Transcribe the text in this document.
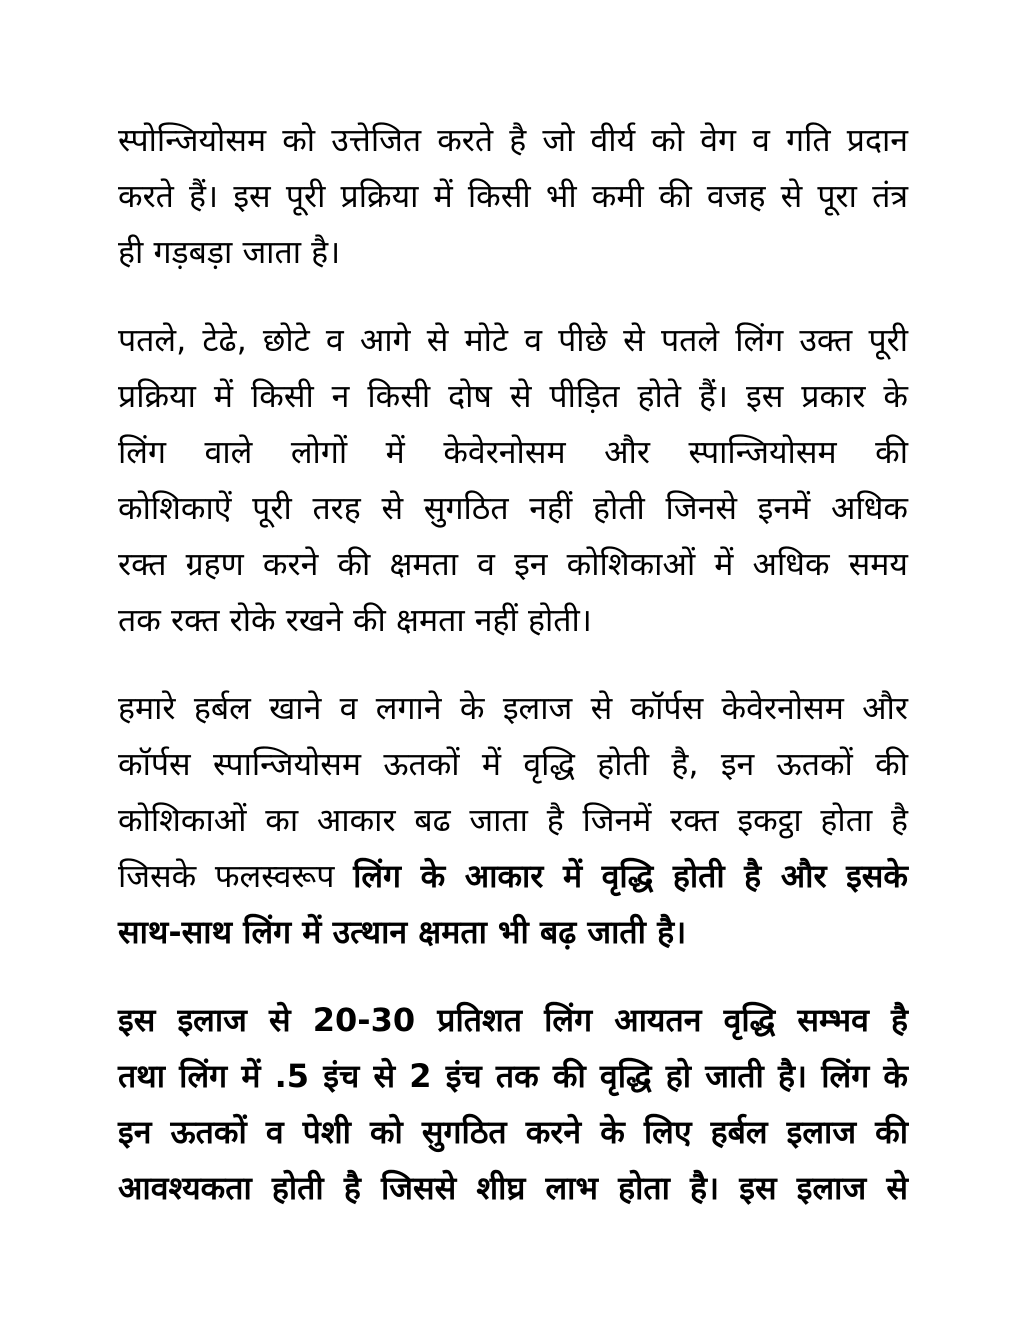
स्पोन्जियोसम को उत्तेजित करते है जो वीर्य को वेग व गति प्रदान

करते हैं। इस पूरी प्रक्रिया में किसी भी कमी की वजह से पूरा तंत्र

ही गड़बड़ा जाता है।

पतले, टेढे, छोटे व आगे से मोटे व पीछे से पतले लिंग उक्त पूरी

प्रक्रिया में किसी न किसी दोष से पीड़ित होते हैं। इस प्रकार के

लिंग वाले लोगों में केवेरनोसम और स्पान्जियोसम की

कोशिकाऐं पूरी तरह से सुगठित नहीं होती जिनसे इनमें अधिक

रक्त ग्रहण करने की क्षमता व इन कोशिकाओं में अधिक समय

तक रक्त रोके रखने की क्षमता नहीं होती।

हमारे हर्बल खाने व लगाने के इलाज से कॉर्पस केवेरनोसम और

कॉर्पस स्पान्जियोसम ऊतकों में वृद्धि होती है, इन ऊतकों की

कोशिकाओं का आकार बढ जाता है जिनमें रक्त इकट्ठा होता है

जिसके फलस्वरूप लिंग के आकार में वृद्धि होती है और इसके

साथ-साथ लिंग में उत्थान क्षमता भी बढ़ जाती है।

इस इलाज से 20-30 प्रतिशत लिंग आयतन वृद्धि सम्भव है

तथा लिंग में .5 इंच से 2 इंच तक की वृद्धि हो जाती है। लिंग के

इन ऊतकों व पेशी को सुगठित करने के लिए हर्बल इलाज की

आवश्यकता होती है जिससे शीघ्र लाभ होता है। इस इलाज से
